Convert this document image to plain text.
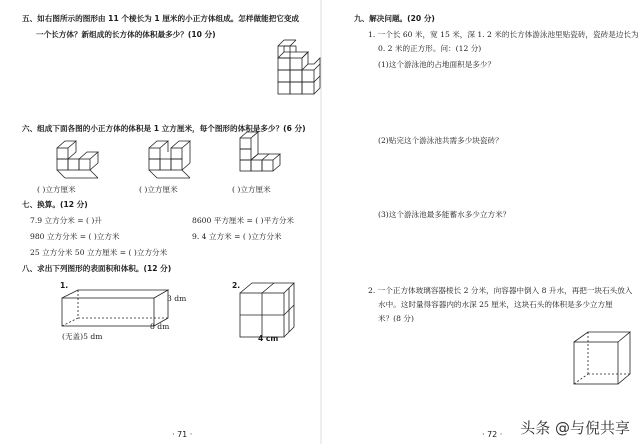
五、如右图所示的图形由 11 个棱长为 1 厘米的小正方体组成。怎样做能把它变成
一个长方体？新组成的长方体的体积最多少？(10 分)
六、组成下面各图的小正方体的体积是 1 立方厘米，每个图形的体积是多少？(6 分)
( )立方厘米	( )立方厘米	( )立方厘米
七、换算。(12 分)
7.9 立方分米 = ( )升	8600 平方厘米 = ( )平方分米
980 立方分米 = ( )立方米	9. 4 立方米 = ( )立方分米
25 立方分米 50 立方厘米 = ( )立方分米
八、求出下列图形的表面积和体积。(12 分)
1.
3 dm
8 dm
(无盖)5 dm
2.
4 cm
· 71 ·
九、解决问题。(20 分)
1. 一个长 60 米，宽 15 米，深 1. 2 米的长方体游泳池里贴瓷砖，瓷砖是边长为
0. 2 米的正方形。问：(12 分)
(1)这个游泳池的占地面积是多少？
(2)贴完这个游泳池共需多少块瓷砖？
(3)这个游泳池最多能蓄水多少立方米？
2. 一个正方体玻璃容器棱长 2 分米，向容器中倒入 8 升水，再把一块石头放入
水中。这时量得容器内的水深 25 厘米，这块石头的体积是多少立方厘
米？(8 分)
· 72 · 头条 @与倪共享
